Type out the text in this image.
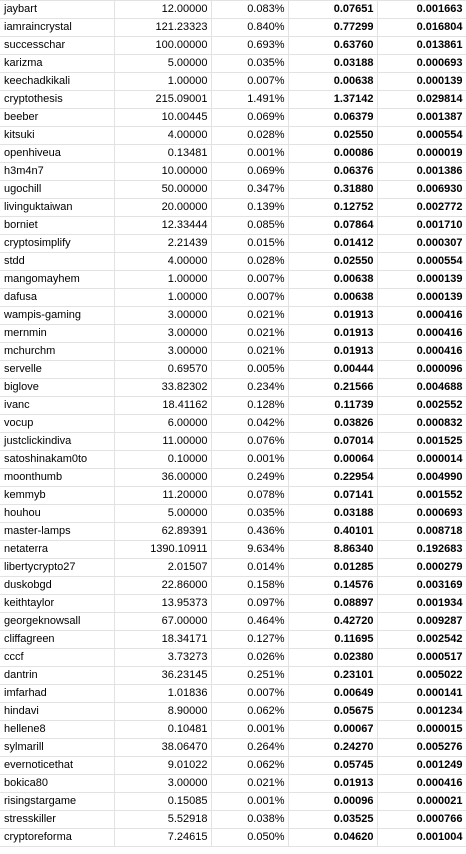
jaybart	12.00000	0.083%	0.07651	0.001663
iamraincrystal	121.23323	0.840%	0.77299	0.016804
successchar	100.00000	0.693%	0.63760	0.013861
karizma	5.00000	0.035%	0.03188	0.000693
keechadkikali	1.00000	0.007%	0.00638	0.000139
cryptothesis	215.09001	1.491%	1.37142	0.029814
beeber	10.00445	0.069%	0.06379	0.001387
kitsuki	4.00000	0.028%	0.02550	0.000554
openhiveua	0.13481	0.001%	0.00086	0.000019
h3m4n7	10.00000	0.069%	0.06376	0.001386
ugochill	50.00000	0.347%	0.31880	0.006930
livinguktaiwan	20.00000	0.139%	0.12752	0.002772
borniet	12.33444	0.085%	0.07864	0.001710
cryptosimplify	2.21439	0.015%	0.01412	0.000307
stdd	4.00000	0.028%	0.02550	0.000554
mangomayhem	1.00000	0.007%	0.00638	0.000139
dafusa	1.00000	0.007%	0.00638	0.000139
wampis-gaming	3.00000	0.021%	0.01913	0.000416
mernmin	3.00000	0.021%	0.01913	0.000416
mchurchm	3.00000	0.021%	0.01913	0.000416
servelle	0.69570	0.005%	0.00444	0.000096
biglove	33.82302	0.234%	0.21566	0.004688
ivanc	18.41162	0.128%	0.11739	0.002552
vocup	6.00000	0.042%	0.03826	0.000832
justclickindiva	11.00000	0.076%	0.07014	0.001525
satoshinakam0to	0.10000	0.001%	0.00064	0.000014
moonthumb	36.00000	0.249%	0.22954	0.004990
kemmyb	11.20000	0.078%	0.07141	0.001552
houhou	5.00000	0.035%	0.03188	0.000693
master-lamps	62.89391	0.436%	0.40101	0.008718
netaterra	1390.10911	9.634%	8.86340	0.192683
libertycrypto27	2.01507	0.014%	0.01285	0.000279
duskobgd	22.86000	0.158%	0.14576	0.003169
keithtaylor	13.95373	0.097%	0.08897	0.001934
georgeknowsall	67.00000	0.464%	0.42720	0.009287
cliffagreen	18.34171	0.127%	0.11695	0.002542
cccf	3.73273	0.026%	0.02380	0.000517
dantrin	36.23145	0.251%	0.23101	0.005022
imfarhad	1.01836	0.007%	0.00649	0.000141
hindavi	8.90000	0.062%	0.05675	0.001234
hellene8	0.10481	0.001%	0.00067	0.000015
sylmarill	38.06470	0.264%	0.24270	0.005276
evernoticethat	9.01022	0.062%	0.05745	0.001249
bokica80	3.00000	0.021%	0.01913	0.000416
risingstargame	0.15085	0.001%	0.00096	0.000021
stresskiller	5.52918	0.038%	0.03525	0.000766
cryptoreforma	7.24615	0.050%	0.04620	0.001004
